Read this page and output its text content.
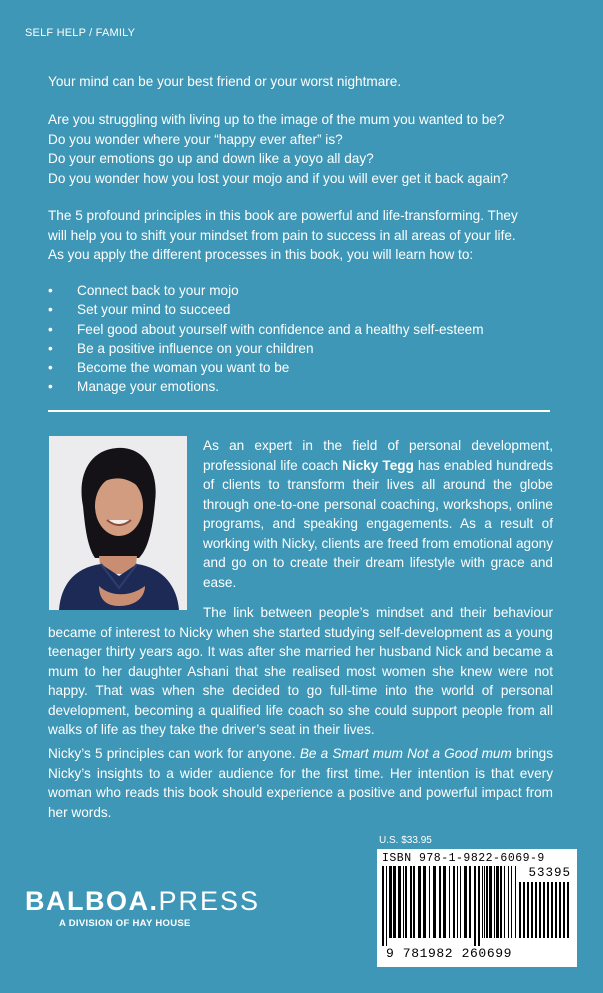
SELF HELP / FAMILY

Your mind can be your best friend or your worst nightmare.

Are you struggling with living up to the image of the mum you wanted to be?
Do you wonder where your “happy ever after” is?
Do your emotions go up and down like a yoyo all day?
Do you wonder how you lost your mojo and if you will ever get it back again?
The 5 profound principles in this book are powerful and life-transforming. They
will help you to shift your mindset from pain to success in all areas of your life.
As you apply the different processes in this book, you will learn how to:
• Connect back to your mojo
• Set your mind to succeed
• Feel good about yourself with confidence and a healthy self-esteem
• Be a positive influence on your children
• Become the woman you want to be
• Manage your emotions.
As an expert in the field of personal development, professional life coach Nicky Tegg has enabled hundreds of clients to transform their lives all around the globe through one-to-one personal coaching, workshops, online programs, and speaking engagements. As a result of working with Nicky, clients are freed from emotional agony and go on to create their dream lifestyle with grace and ease.
The link between people’s mindset and their behaviour became of interest to Nicky when she started studying self-development as a young teenager thirty years ago. It was after she married her husband Nick and became a mum to her daughter Ashani that she realised most women she knew were not happy. That was when she decided to go full-time into the world of personal development, becoming a qualified life coach so she could support people from all walks of life as they take the driver’s seat in their lives.
Nicky’s 5 principles can work for anyone. Be a Smart mum Not a Good mum brings Nicky’s insights to a wider audience for the first time. Her intention is that every woman who reads this book should experience a positive and powerful impact from her words.
BALBOA.PRESS
A DIVISION OF HAY HOUSE
U.S. $33.95
ISBN 978-1-9822-6069-9
53395
9 781982 260699
